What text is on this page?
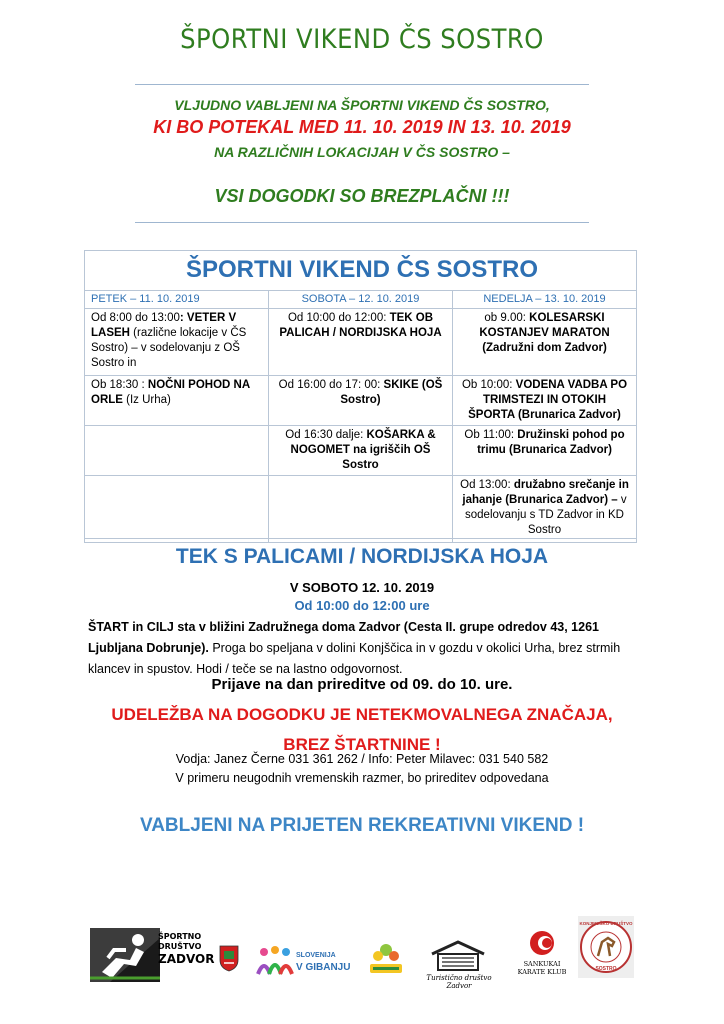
ŠPORTNI VIKEND ČS SOSTRO
VLJUDNO VABLJENI NA ŠPORTNI VIKEND ČS SOSTRO,
KI BO POTEKAL MED 11. 10. 2019 IN 13. 10. 2019
NA RAZLIČNIH LOKACIJAH V ČS SOSTRO –
VSI DOGODKI SO BREZPLAČNI !!!
ŠPORTNI VIKEND ČS SOSTRO
PETEK – 11. 10. 2019	SOBOTA – 12. 10. 2019	NEDELJA – 13. 10. 2019
Od 8:00 do 13:00: VETER V LASEH (različne lokacije v ČS Sostro) – v sodelovanju z OŠ Sostro in	Od 10:00 do 12:00: TEK OB PALICAH / NORDIJSKA HOJA	ob 9.00: KOLESARSKI KOSTANJEV MARATON (Zadružni dom Zadvor)
Ob 18:30 : NOČNI POHOD NA ORLE (Iz Urha)	Od 16:00 do 17: 00: SKIKE (OŠ Sostro)	Ob 10:00: VODENA VADBA PO TRIMSTEZI IN OTOKIH ŠPORTA (Brunarica Zadvor)
	Od 16:30 dalje: KOŠARKA & NOGOMET na igriščih OŠ Sostro	Ob 11:00: Družinski pohod po trimu (Brunarica Zadvor)
		Od 13:00: družabno srečanje in jahanje (Brunarica Zadvor) – v sodelovanju s TD Zadvor in KD Sostro
TEK S PALICAMI / NORDIJSKA HOJA
V SOBOTO 12. 10. 2019
Od 10:00 do 12:00 ure
ŠTART in CILJ sta v bližini Zadružnega doma Zadvor (Cesta II. grupe odredov 43, 1261 Ljubljana Dobrunje). Proga bo speljana v dolini Konjščica in v gozdu v okolici Urha, brez strmih klancev in spustov. Hodi / teče se na lastno odgovornost.
Prijave na dan prireditve od 09. do 10. ure.
UDELEŽBA NA DOGODKU JE NETEKMOVALNEGA ZNAČAJA, BREZ ŠTARTNINE !
Vodja: Janez Černe 031 361 262 / Info: Peter Milavec: 031 540 582
V primeru neugodnih vremenskih razmer, bo prireditev odpovedana
VABLJENI NA PRIJETEN REKREATIVNI VIKEND !
ŠPORTNO
DRUŠTVO
ZADVOR	SLOVENIJA
V GIBANJU
Turistično društvo Zadvor
SANKUKAI
KARATE KLUB
KONJENIŠKO DRUŠTVO
SOSTRO
